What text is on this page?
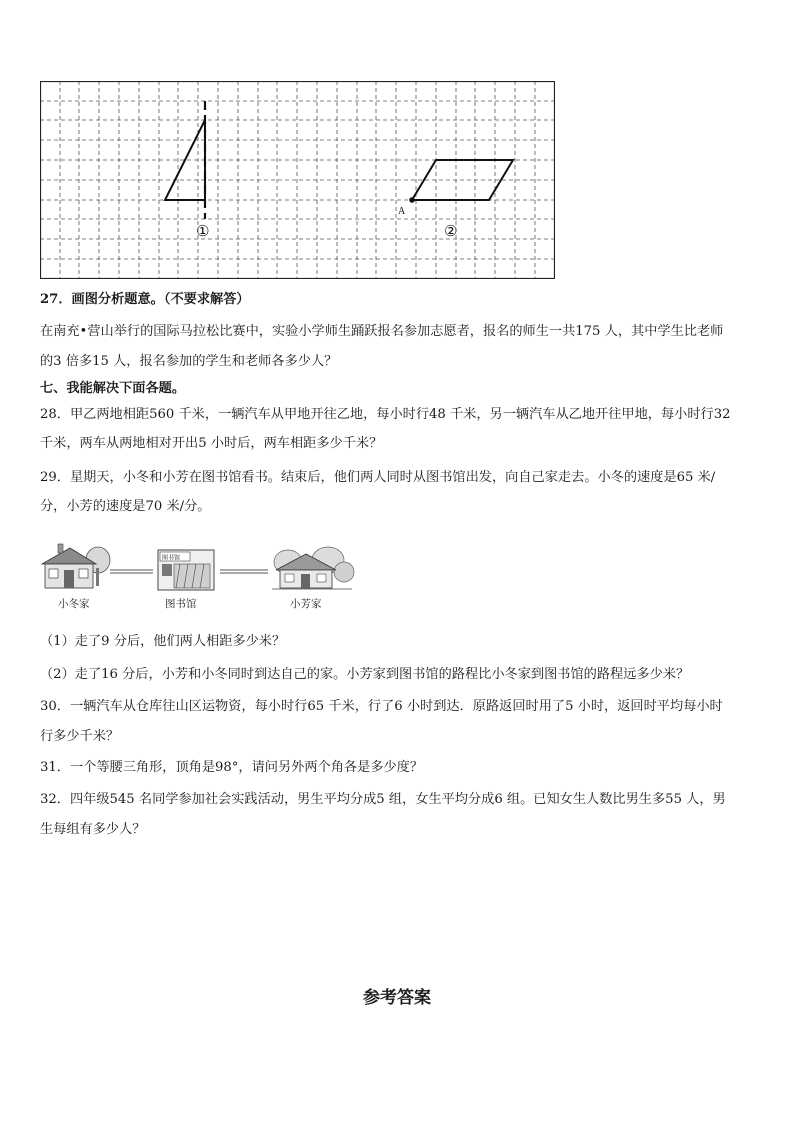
A
①	②

27．画图分析题意。（不要求解答）

在南充•营山举行的国际马拉松比赛中，实验小学师生踊跃报名参加志愿者，报名的师生一共175 人，其中学生比老师

的3 倍多15 人，报名参加的学生和老师各多少人？

七、我能解决下面各题。

28．甲乙两地相距560 千米，一辆汽车从甲地开往乙地，每小时行48 千米，另一辆汽车从乙地开往甲地，每小时行32

千米，两车从两地相对开出5 小时后，两车相距多少千米？

29．星期天，小冬和小芳在图书馆看书。结束后，他们两人同时从图书馆出发，向自己家走去。小冬的速度是65 米/

分，小芳的速度是70 米/分。

图书馆
小冬家	图书馆	小芳家

（1）走了9 分后，他们两人相距多少米？

（2）走了16 分后，小芳和小冬同时到达自己的家。小芳家到图书馆的路程比小冬家到图书馆的路程远多少米？

30．一辆汽车从仓库往山区运物资，每小时行65 千米，行了6 小时到达．原路返回时用了5 小时，返回时平均每小时

行多少千米？

31．一个等腰三角形，顶角是98°，请问另外两个角各是多少度？

32．四年级545 名同学参加社会实践活动，男生平均分成5 组，女生平均分成6 组。已知女生人数比男生多55 人，男

生每组有多少人？

参考答案
